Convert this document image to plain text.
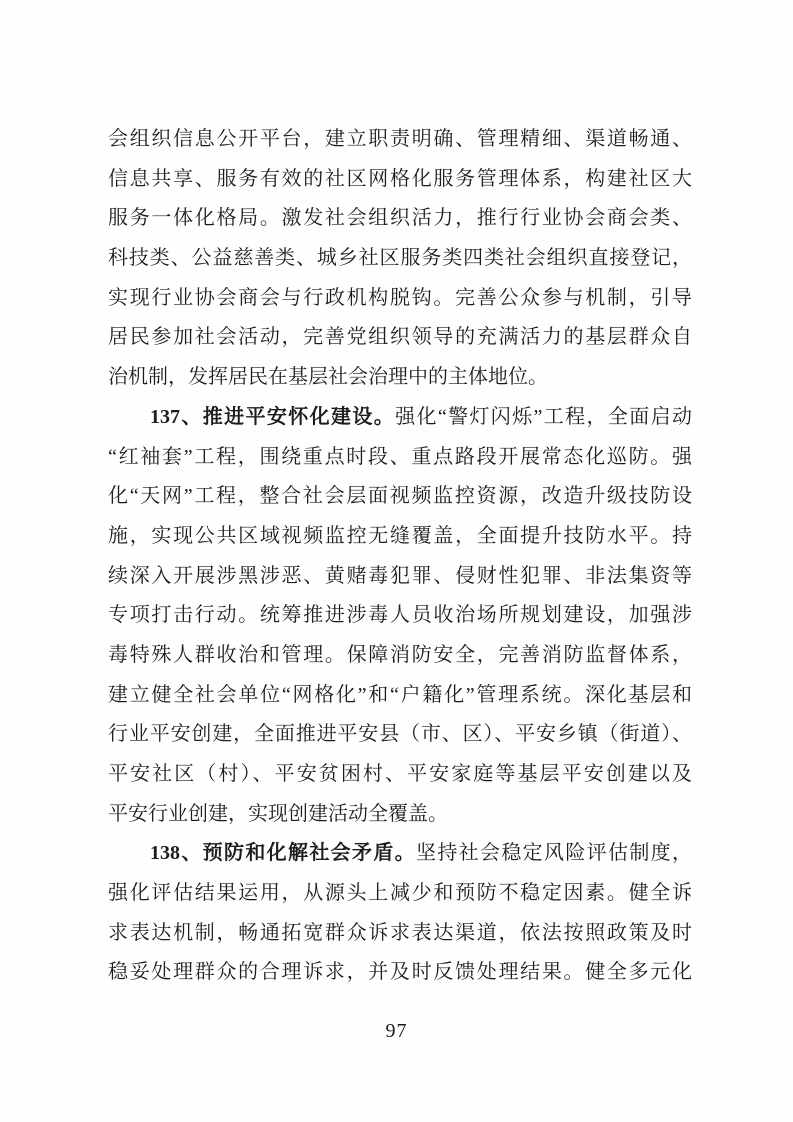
会组织信息公开平台，建立职责明确、管理精细、渠道畅通、
信息共享、服务有效的社区网格化服务管理体系，构建社区大
服务一体化格局。激发社会组织活力，推行行业协会商会类、
科技类、公益慈善类、城乡社区服务类四类社会组织直接登记，
实现行业协会商会与行政机构脱钩。完善公众参与机制，引导
居民参加社会活动，完善党组织领导的充满活力的基层群众自
治机制，发挥居民在基层社会治理中的主体地位。
137、推进平安怀化建设。强化“警灯闪烁”工程，全面启动
“红袖套”工程，围绕重点时段、重点路段开展常态化巡防。强
化“天网”工程，整合社会层面视频监控资源，改造升级技防设
施，实现公共区域视频监控无缝覆盖，全面提升技防水平。持
续深入开展涉黑涉恶、黄赌毒犯罪、侵财性犯罪、非法集资等
专项打击行动。统筹推进涉毒人员收治场所规划建设，加强涉
毒特殊人群收治和管理。保障消防安全，完善消防监督体系，
建立健全社会单位“网格化”和“户籍化”管理系统。深化基层和
行业平安创建，全面推进平安县（市、区）、平安乡镇（街道）、
平安社区（村）、平安贫困村、平安家庭等基层平安创建以及
平安行业创建，实现创建活动全覆盖。
138、预防和化解社会矛盾。坚持社会稳定风险评估制度，
强化评估结果运用，从源头上减少和预防不稳定因素。健全诉
求表达机制，畅通拓宽群众诉求表达渠道，依法按照政策及时
稳妥处理群众的合理诉求，并及时反馈处理结果。健全多元化
97
